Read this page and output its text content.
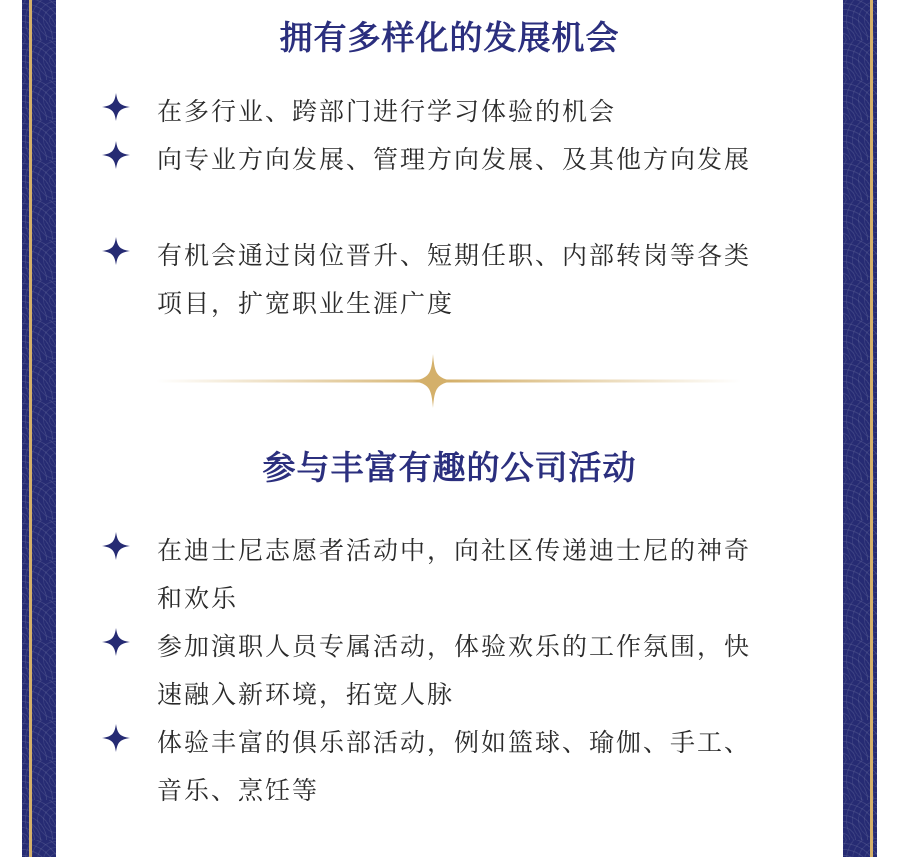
拥有多样化的发展机会
在多行业、跨部门进行学习体验的机会
向专业方向发展、管理方向发展、及其他方向发展
有机会通过岗位晋升、短期任职、内部转岗等各类项目，扩宽职业生涯广度
参与丰富有趣的公司活动
在迪士尼志愿者活动中，向社区传递迪士尼的神奇和欢乐
参加演职人员专属活动，体验欢乐的工作氛围，快速融入新环境，拓宽人脉
体验丰富的俱乐部活动，例如篮球、瑜伽、手工、音乐、烹饪等
